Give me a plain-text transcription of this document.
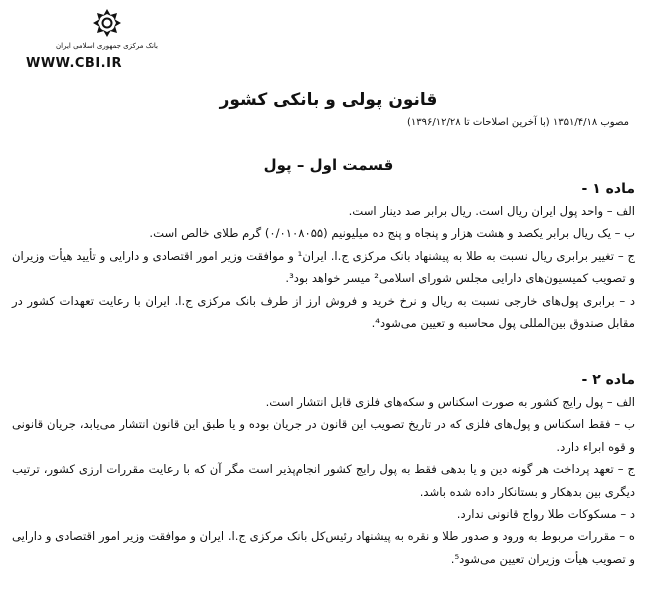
بانک مرکزی جمهوری اسلامی ایران
WWW.CBI.IR
قانون پولی و بانکی کشور
مصوب ۱۳۵۱/۴/۱۸ (با آخرین اصلاحات تا ۱۳۹۶/۱۲/۲۸)
قسمت اول – پول
ماده ۱ -

الف – واحد پول ایران ریال است. ریال برابر صد دینار است.

ب – یک ریال برابر یکصد و هشت هزار و پنجاه و پنج ده میلیونیم (۰/۰۱۰۸۰۵۵) گرم طلای خالص است.

ج – تغییر برابری ریال نسبت به طلا به پیشنهاد بانک مرکزی ج.ا. ایران¹ و موافقت وزیر امور اقتصادی و دارایی و تأیید هیأت وزیران و تصویب کمیسیون‌های دارایی مجلس شورای اسلامی² میسر خواهد بود³.

د – برابری پول‌های خارجی نسبت به ریال و نرخ خرید و فروش ارز از طرف بانک مرکزی ج.ا. ایران با رعایت تعهدات کشور در مقابل صندوق بین‌المللی پول محاسبه و تعیین می‌شود⁴.

ماده ۲ -

الف – پول رایج کشور به صورت اسکناس و سکه‌های فلزی قابل انتشار است.

ب – فقط اسکناس و پول‌های فلزی که در تاریخ تصویب این قانون در جریان بوده و یا طبق این قانون انتشار می‌یابد، جریان قانونی و قوه ابراء دارد.

ج – تعهد پرداخت هر گونه دین و یا بدهی فقط به پول رایج کشور انجام‌پذیر است مگر آن که با رعایت مقررات ارزی کشور، ترتیب دیگری بین بدهکار و بستانکار داده شده باشد.

د – مسکوکات طلا رواج قانونی ندارد.

ه – مقررات مربوط به ورود و صدور طلا و نقره به پیشنهاد رئیس‌کل بانک مرکزی ج.ا. ایران و موافقت وزیر امور اقتصادی و دارایی و تصویب هیأت وزیران تعیین می‌شود⁵.
